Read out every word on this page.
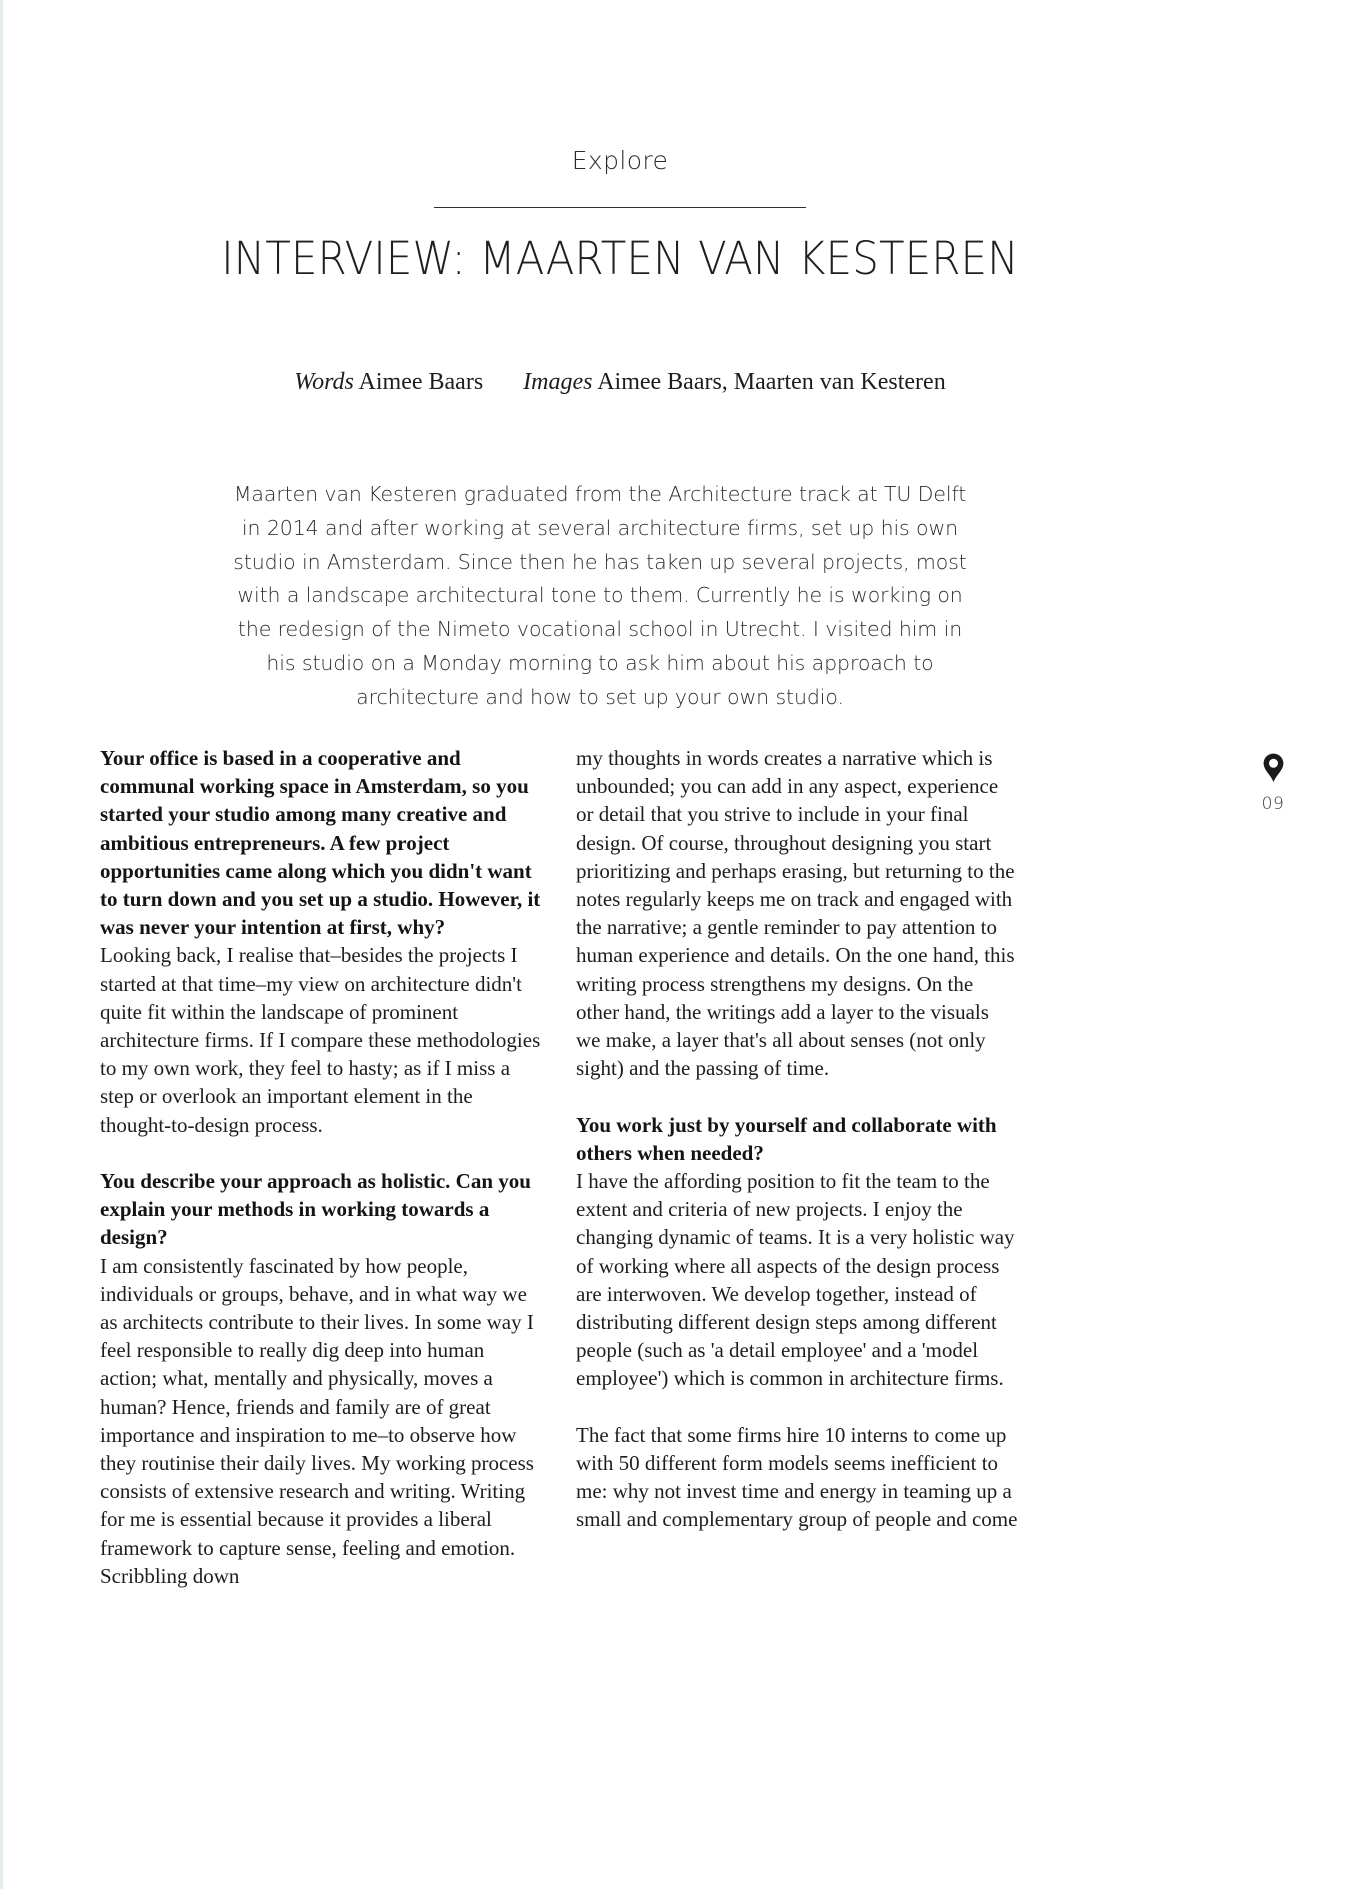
Explore
INTERVIEW: MAARTEN VAN KESTEREN
Words Aimee Baars Images Aimee Baars, Maarten van Kesteren
Maarten van Kesteren graduated from the Architecture track at TU Delft in 2014 and after working at several architecture firms, set up his own studio in Amsterdam. Since then he has taken up several projects, most with a landscape architectural tone to them. Currently he is working on the redesign of the Nimeto vocational school in Utrecht. I visited him in his studio on a Monday morning to ask him about his approach to architecture and how to set up your own studio.

Your office is based in a cooperative and communal working space in Amsterdam, so you started your studio among many creative and ambitious entrepreneurs. A few project opportunities came along which you didn't want to turn down and you set up a studio. However, it was never your intention at first, why?

Looking back, I realise that–besides the projects I started at that time–my view on architecture didn't quite fit within the landscape of prominent architecture firms. If I compare these methodologies to my own work, they feel to hasty; as if I miss a step or overlook an important element in the thought-to-design process.

You describe your approach as holistic. Can you explain your methods in working towards a design?

I am consistently fascinated by how people, individuals or groups, behave, and in what way we as architects contribute to their lives. In some way I feel responsible to really dig deep into human action; what, mentally and physically, moves a human? Hence, friends and family are of great importance and inspiration to me–to observe how they routinise their daily lives. My working process consists of extensive research and writing. Writing for me is essential because it provides a liberal framework to capture sense, feeling and emotion. Scribbling down

my thoughts in words creates a narrative which is unbounded; you can add in any aspect, experience or detail that you strive to include in your final design. Of course, throughout designing you start prioritizing and perhaps erasing, but returning to the notes regularly keeps me on track and engaged with the narrative; a gentle reminder to pay attention to human experience and details. On the one hand, this writing process strengthens my designs. On the other hand, the writings add a layer to the visuals we make, a layer that's all about senses (not only sight) and the passing of time.

You work just by yourself and collaborate with others when needed?

I have the affording position to fit the team to the extent and criteria of new projects. I enjoy the changing dynamic of teams. It is a very holistic way of working where all aspects of the design process are interwoven. We develop together, instead of distributing different design steps among different people (such as 'a detail employee' and a 'model employee') which is common in architecture firms.

The fact that some firms hire 10 interns to come up with 50 different form models seems inefficient to me: why not invest time and energy in teaming up a small and complementary group of people and come

09
